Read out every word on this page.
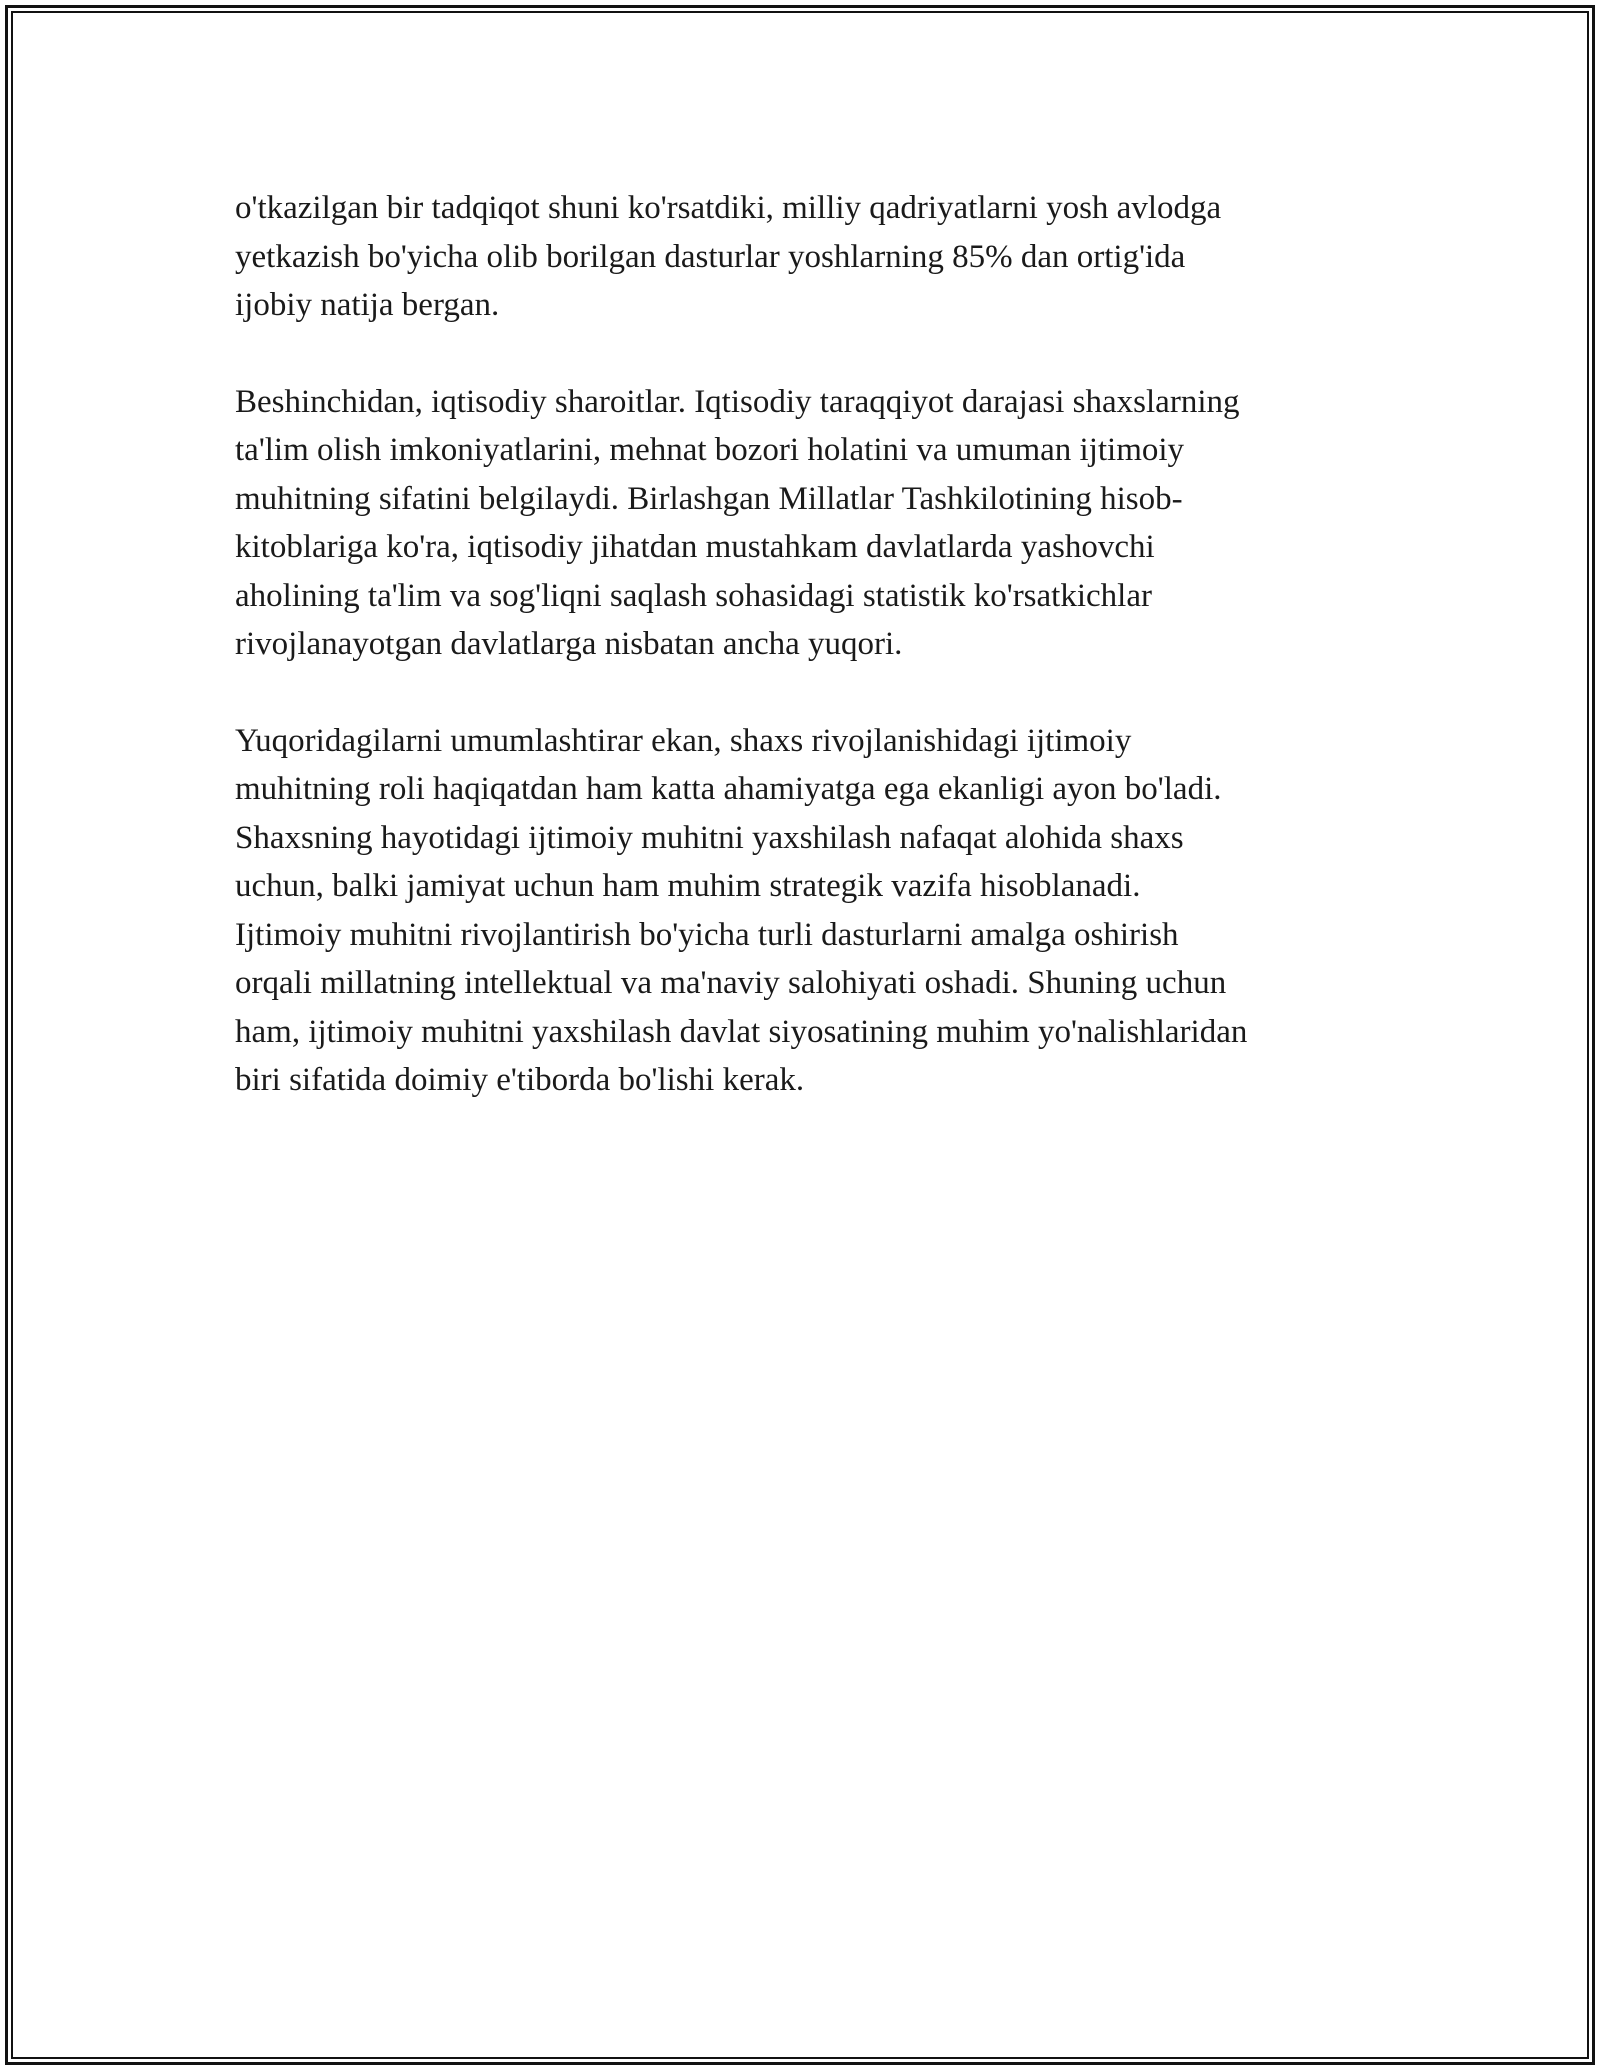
o'tkazilgan bir tadqiqot shuni ko'rsatdiki, milliy qadriyatlarni yosh avlodga
yetkazish bo'yicha olib borilgan dasturlar yoshlarning 85% dan ortig'ida
ijobiy natija bergan.

Beshinchidan, iqtisodiy sharoitlar. Iqtisodiy taraqqiyot darajasi shaxslarning
ta'lim olish imkoniyatlarini, mehnat bozori holatini va umuman ijtimoiy
muhitning sifatini belgilaydi. Birlashgan Millatlar Tashkilotining hisob-
kitoblariga ko'ra, iqtisodiy jihatdan mustahkam davlatlarda yashovchi
aholining ta'lim va sog'liqni saqlash sohasidagi statistik ko'rsatkichlar
rivojlanayotgan davlatlarga nisbatan ancha yuqori.

Yuqoridagilarni umumlashtirar ekan, shaxs rivojlanishidagi ijtimoiy
muhitning roli haqiqatdan ham katta ahamiyatga ega ekanligi ayon bo'ladi.
Shaxsning hayotidagi ijtimoiy muhitni yaxshilash nafaqat alohida shaxs
uchun, balki jamiyat uchun ham muhim strategik vazifa hisoblanadi.
Ijtimoiy muhitni rivojlantirish bo'yicha turli dasturlarni amalga oshirish
orqali millatning intellektual va ma'naviy salohiyati oshadi. Shuning uchun
ham, ijtimoiy muhitni yaxshilash davlat siyosatining muhim yo'nalishlaridan
biri sifatida doimiy e'tiborda bo'lishi kerak.
